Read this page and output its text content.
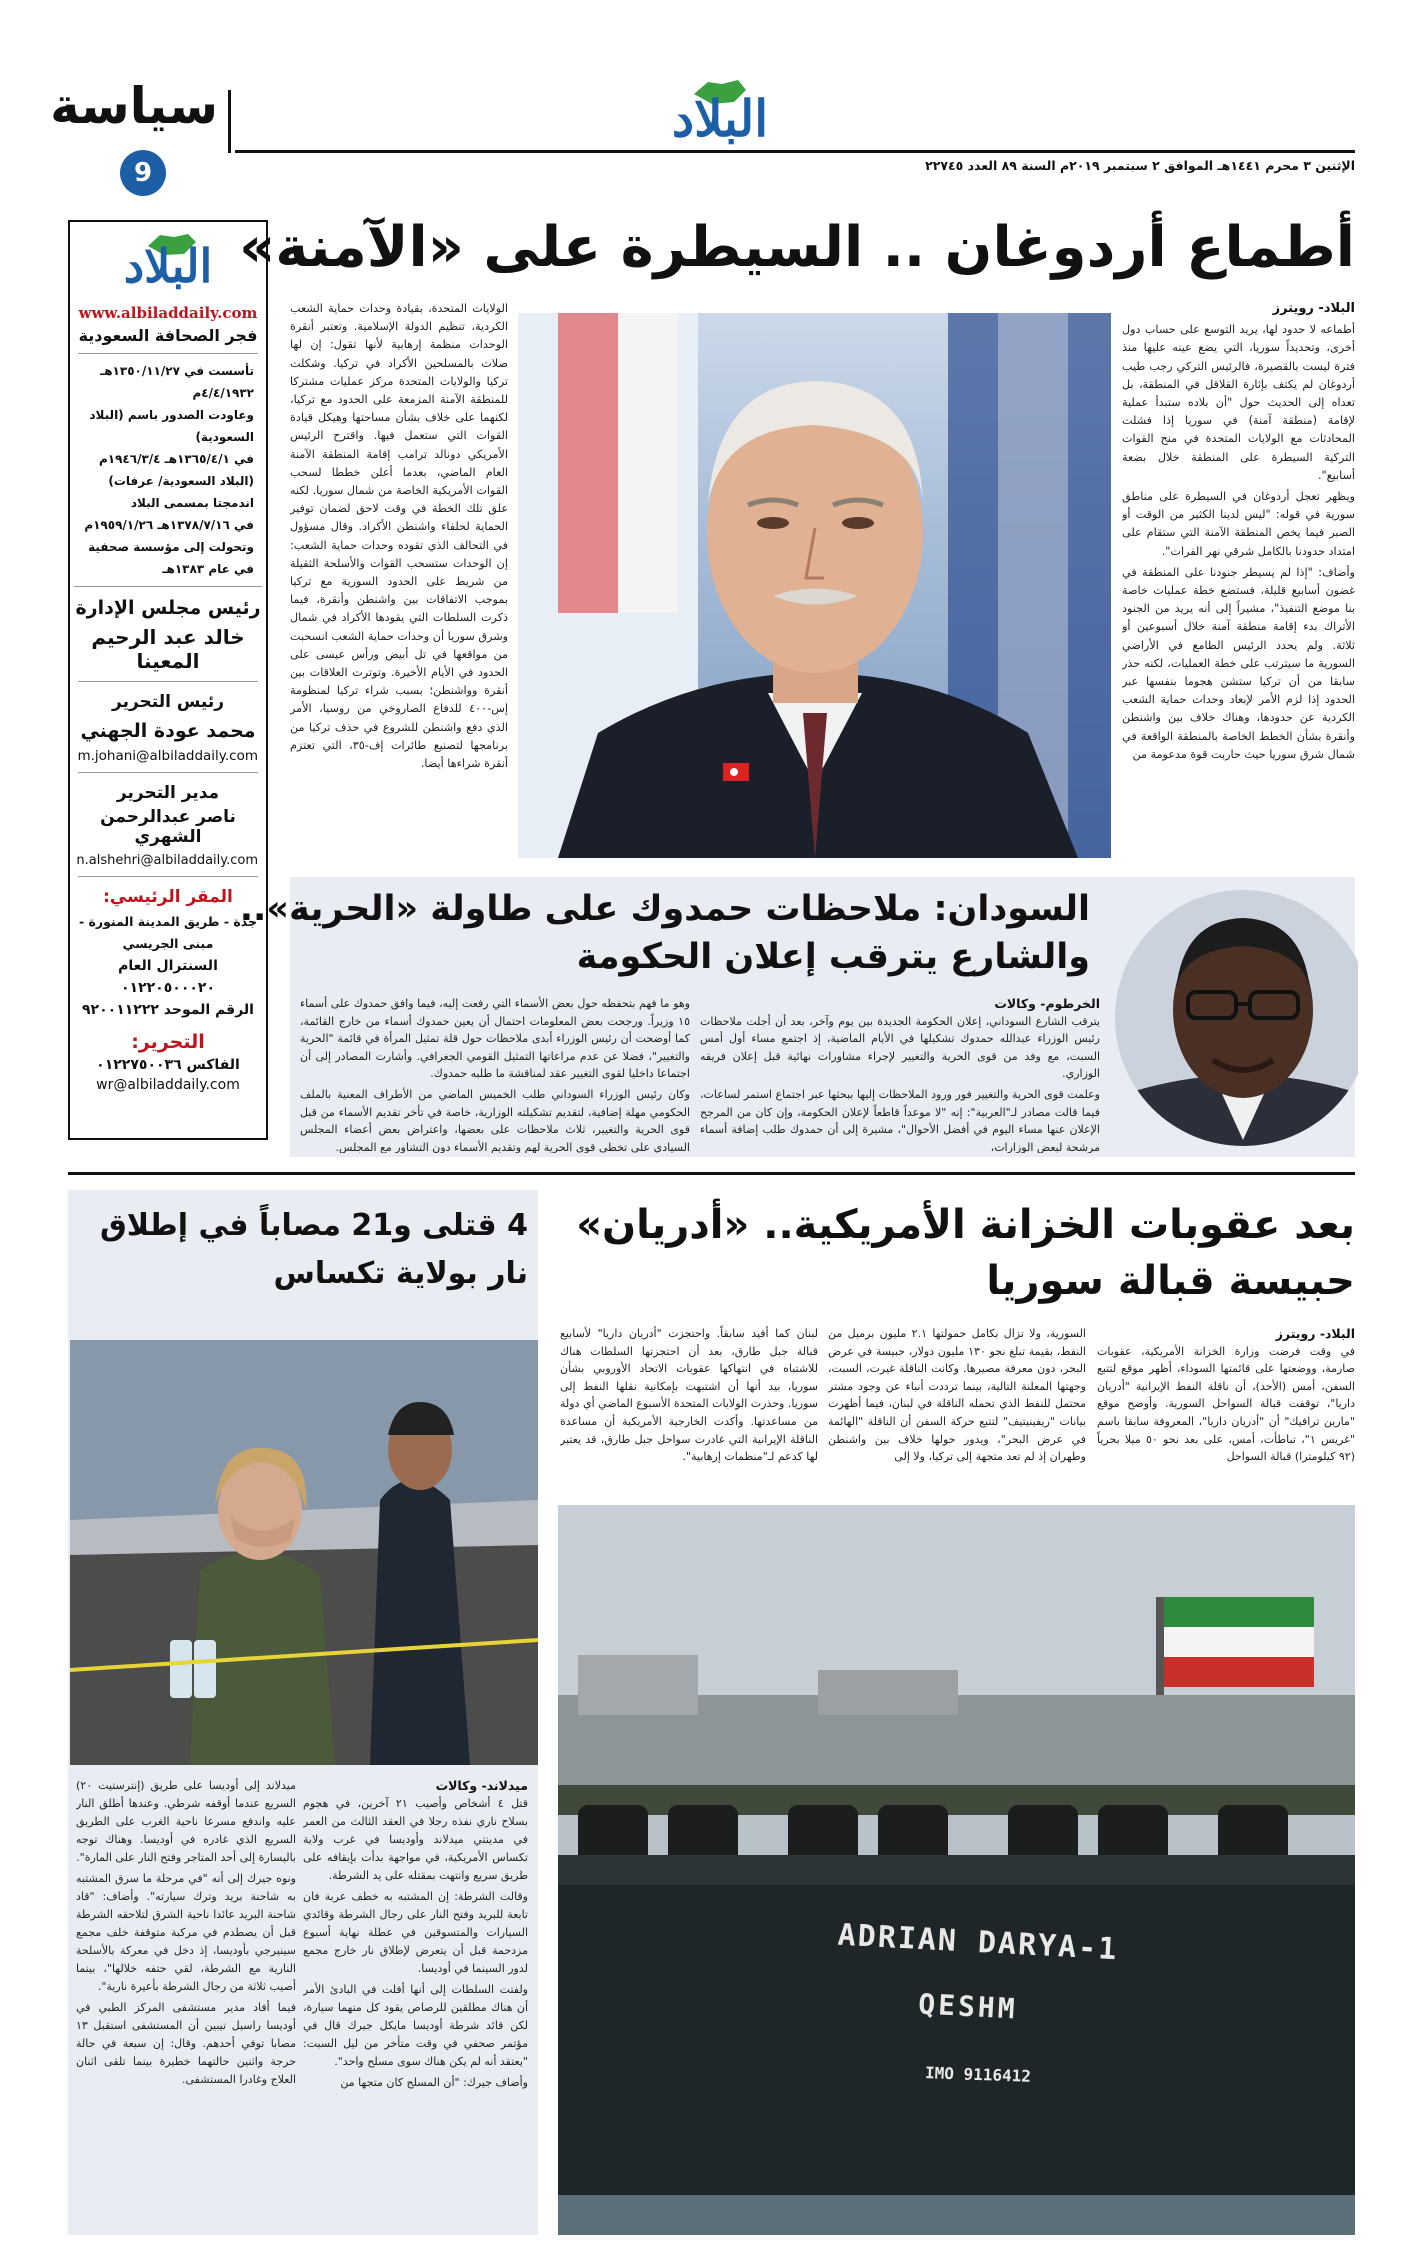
سياسة
9
البلاد
الإثنين ٣ محرم ١٤٤١هـ الموافق ٢ سبتمبر ٢٠١٩م السنة ٨٩ العدد ٢٢٧٤٥
البلاد
www.albiladdaily.com
فجر الصحافة السعودية
تأسست في ١٣٥٠/١١/٢٧هـ ٤/٤/١٩٣٢م
وعاودت الصدور باسم (البلاد السعودية)
في ١٣٦٥/٤/١هـ ١٩٤٦/٣/٤م
(البلاد السعودية/ عرفات) اندمجتا بمسمى البلاد
في ١٣٧٨/٧/١٦هـ ١٩٥٩/١/٢٦م
وتحولت إلى مؤسسة صحفية في عام ١٣٨٣هـ
رئيس مجلس الإدارة
خالد عبد الرحيم المعينا
رئيس التحرير
محمد عودة الجهني
m.johani@albiladdaily.com
مدير التحرير
ناصر عبدالرحمن الشهري
n.alshehri@albiladdaily.com
المقر الرئيسي:
جدة - طريق المدينة المنورة - مبنى الجريسي
السنترال العام ٠١٢٢٠٥٠٠٠٢٠
الرقم الموحد ٩٢٠٠١١٢٢٢
التحرير:
الفاكس ٠١٢٢٧٥٠٠٣٦
wr@albiladdaily.com
أطماع أردوغان .. السيطرة على «الآمنة»
البلاد- رويترز

أطماعه لا حدود لها، يريد التوسع على حساب دول أخرى، وتحديداً سوريا، التي يضع عينه عليها منذ فترة ليست بالقصيرة، فالرئيس التركي رجب طيب أردوغان لم يكتف بإثارة القلاقل في المنطقة، بل تعداه إلى الحديث حول "أن بلاده ستبدأ عملية لإقامة (منطقة آمنة) في سوريا إذا فشلت المحادثات مع الولايات المتحدة في منح القوات التركية السيطرة على المنطقة خلال بضعة أسابيع".

ويظهر تعجل أردوغان في السيطرة على مناطق سورية في قوله: "ليس لدينا الكثير من الوقت أو الصبر فيما يخص المنطقة الآمنة التي ستقام على امتداد حدودنا بالكامل شرقي نهر الفرات".

وأضاف: "إذا لم يسيطر جنودنا على المنطقة في غضون أسابيع قليلة، فستضع خطة عمليات خاصة بنا موضع التنفيذ"، مشيراً إلى أنه يريد من الجنود الأتراك بدء إقامة منطقة آمنة خلال أسبوعين أو ثلاثة. ولم يحدد الرئيس الطامع في الأراضي السورية ما سيترتب على خطة العمليات، لكنه حذر سابقا من أن تركيا ستشن هجوما بنفسها عبر الحدود إذا لزم الأمر لإبعاد وحدات حماية الشعب الكردية عن حدودها، وهناك خلاف بين واشنطن وأنقرة بشأن الخطط الخاصة بالمنطقة الواقعة في شمال شرق سوريا حيث حاربت قوة مدعومة من

الولايات المتحدة، بقيادة وحدات حماية الشعب الكردية، تنظيم الدولة الإسلامية. وتعتبر أنقرة الوحدات منظمة إرهابية لأنها تقول: إن لها صلات بالمسلحين الأكراد في تركيا. وشكلت تركيا والولايات المتحدة مركز عمليات مشتركا للمنطقة الآمنة المزمعة على الحدود مع تركيا، لكنهما على خلاف بشأن مساحتها وهيكل قيادة القوات التي ستعمل فيها. واقترح الرئيس الأمريكي دونالد ترامب إقامة المنطقة الآمنة العام الماضي، بعدما أعلن خططا لسحب القوات الأمريكية الخاصة من شمال سوريا. لكنه علق تلك الخطة في وقت لاحق لضمان توفير الحماية لحلفاء واشنطن الأكراد. وقال مسؤول في التحالف الذي تقوده وحدات حماية الشعب: إن الوحدات ستسحب القوات والأسلحة الثقيلة من شريط على الحدود السورية مع تركيا بموجب الاتفاقات بين واشنطن وأنقرة، فيما ذكرت السلطات التي يقودها الأكراد في شمال وشرق سوريا أن وحدات حماية الشعب انسحبت من مواقعها في تل أبيض ورأس عيسى على الحدود في الأيام الأخيرة. وتوترت العلاقات بين أنقرة وواشنطن؛ بسبب شراء تركيا لمنظومة إس-٤٠٠ للدفاع الصاروخي من روسيا، الأمر الذي دفع واشنطن للشروع في حذف تركيا من برنامجها لتصنيع طائرات إف-٣٥، التي تعتزم أنقرة شراءها أيضا.

السودان: ملاحظات حمدوك على طاولة «الحرية»..
والشارع يترقب إعلان الحكومة
الخرطوم- وكالات

يترقب الشارع السوداني، إعلان الحكومة الجديدة بين يوم وآخر، بعد أن أجلت ملاحظات رئيس الوزراء عبدالله حمدوك تشكيلها في الأيام الماضية، إذ اجتمع مساء أول أمس السبت، مع وفد من قوى الحرية والتغيير لإجراء مشاورات نهائية قبل إعلان فريقه الوزاري.

وعلمت قوى الحرية والتغيير فور ورود الملاحظات إليها ببحثها عبر اجتماع استمر لساعات، فيما قالت مصادر لـ"العربية": إنه "لا موعداً قاطعاً لإعلان الحكومة، وإن كان من المرجح الإعلان عنها مساء اليوم في أفضل الأحوال"، مشيرة إلى أن حمدوك طلب إضافة أسماء مرشحة لبعض الوزارات،

وهو ما فهم بتحفظه حول بعض الأسماء التي رفعت إليه، فيما وافق حمدوك على أسماء ١٥ وزيراً. ورجحت بعض المعلومات احتمال أن يعين حمدوك أسماء من خارج القائمة، كما أوضحت أن رئيس الوزراء أبدى ملاحظات حول قلة تمثيل المرأة في قائمة "الحرية والتغيير"، فضلا عن عدم مراعاتها التمثيل القومي الجغرافي. وأشارت المصادر إلى أن اجتماعا داخليا لقوى التغيير عقد لمناقشة ما طلبه حمدوك.

وكان رئيس الوزراء السوداني طلب الخميس الماضي من الأطراف المعنية بالملف الحكومي مهلة إضافية، لتقديم تشكيلته الوزارية، خاصة في تأخر تقديم الأسماء من قبل قوى الحرية والتغيير، ثلاث ملاحظات على بعضها، واعتراض بعض أعضاء المجلس السيادي على تخطي قوى الحرية لهم وتقديم الأسماء دون التشاور مع المجلس.

بعد عقوبات الخزانة الأمريكية.. «أدريان»
حبيسة قبالة سوريا
البلاد- رويترز
في وقت فرضت وزارة الخزانة الأمريكية، عقوبات صارمة، ووضعتها على قائمتها السوداء، أظهر موقع لتتبع السفن، أمس (الأحد)، أن ناقلة النفط الإيرانية "أدريان داريا"، توقفت قبالة السواحل السورية. وأوضح موقع "مارين ترافيك" أن "أدريان داريا"، المعروفة سابقا باسم "غريس ١"، تباطأت، أمس، على بعد نحو ٥٠ ميلا بحرياً (٩٢ كيلومترا) قبالة السواحل
السورية، ولا تزال بكامل حمولتها ٢.١ مليون برميل من النفط، بقيمة تبلغ نحو ١٣٠ مليون دولار، حبيسة في عرض البحر، دون معرفة مصيرها. وكانت الناقلة غيرت، السبت، وجهتها المعلنة التالية، بينما ترددت أنباء عن وجود مشتر محتمل للنفط الذي تحمله الناقلة في لبنان، فيما أظهرت بيانات "ريفينيتيف" لتتبع حركة السفن أن الناقلة "الهائمة في عرض البحر"، ويدور حولها خلاف بين واشنطن وطهران إذ لم تعد متجهة إلى تركيا، ولا إلى
لبنان كما أفيد سابقاً. واحتجزت "أدريان داريا" لأسابيع قبالة جبل طارق، بعد أن احتجزتها السلطات هناك للاشتباه في انتهاكها عقوبات الاتحاد الأوروبي بشأن سوريا، بيد أنها أن اشتبهت بإمكانية نقلها النفط إلى سوريا. وحذرت الولايات المتحدة الأسبوع الماضي أي دولة من مساعدتها. وأكدت الخارجية الأمريكية أن مساعدة الناقلة الإيرانية التي غادرت سواحل جبل طارق، قد يعتبر لها كدعم لـ"منظمات إرهابية".
ADRIAN DARYA-1
QESHM
IMO 9116412
4 قتلى و21 مصاباً في إطلاق
نار بولاية تكساس
ميدلاند- وكالات

قتل ٤ أشخاص وأصيب ٢١ آخرين، في هجوم بسلاح ناري نفذه رجلا في العقد الثالث من العمر في مدينتي ميدلاند وأوديسا في غرب ولاية تكساس الأمريكية، في مواجهة بدأت بإيقافه على طريق سريع وانتهت بمقتله على يد الشرطة.

وقالت الشرطة: إن المشتبه به خطف عربة فان تابعة للبريد وفتح النار على رجال الشرطة وقائدي السيارات والمتسوقين في عطلة نهاية أسبوع مزدحمة قبل أن يتعرض لإطلاق نار خارج مجمع لدور السينما في أوديسا.

ولفتت السلطات إلى أنها أفلت في البادئ الأمر أن هناك مطلقين للرصاص يقود كل منهما سيارة، لكن قائد شرطة أوديسا مايكل جيرك قال في مؤتمر صحفي في وقت متأخر من ليل السبت: "يعتقد أنه لم يكن هناك سوى مسلح واحد".

وأضاف جيرك: "أن المسلح كان متجها من

ميدلاند إلى أوديسا على طريق (إنترستيت ٢٠) السريع عندما أوقفه شرطي. وعندها أطلق النار عليه واندفع مسرعا ناحية الغرب على الطريق السريع الذي غادره في أوديسا. وهناك توجه باليسارة إلى أحد المتاجر وفتح النار على المارة".

ونوه جيرك إلى أنه "في مرحلة ما سرق المشتبه به شاحنة بريد وترك سيارته". وأضاف: "قاد شاحنة البريد عائدا ناحية الشرق لتلاحقه الشرطة قبل أن يصطدم في مركبة متوقفة خلف مجمع سينيرجي بأوديسا، إذ دخل في معركة بالأسلحة النارية مع الشرطة، لقي حتفه خلالها"، بينما أصيب ثلاثة من رجال الشرطة بأعيرة نارية".

فيما أفاد مدير مستشفى المركز الطبي في أوديسا راسيل تيبين أن المستشفى استقبل ١٣ مصابا توفي أحدهم. وقال: إن سبعة في حالة حرجة واثنين حالتهما خطيرة بينما تلقى اثنان العلاج وغادرا المستشفى.
